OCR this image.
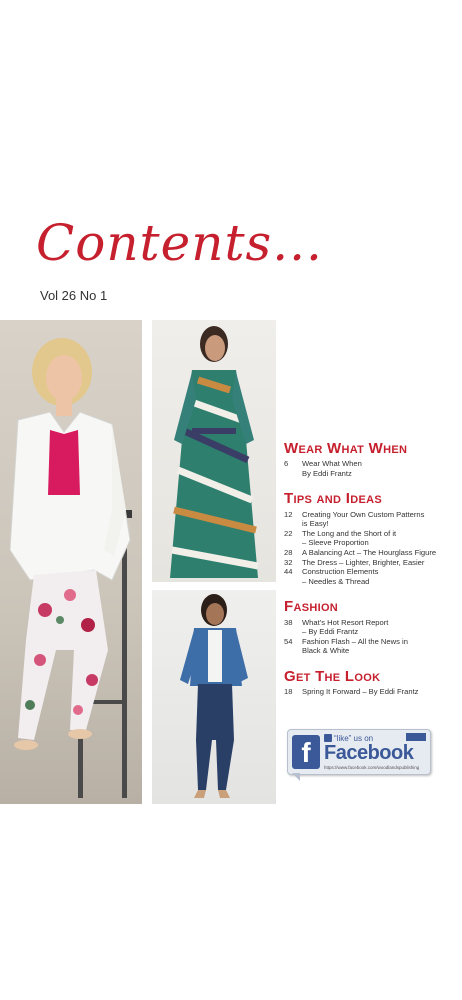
Contents...
Vol 26 No 1
Wear What When
6	Wear What When
By Eddi Frantz
Tips and Ideas
12	Creating Your Own Custom Patterns
is Easy!
22	The Long and the Short of it
– Sleeve Proportion
28	A Balancing Act – The Hourglass Figure
32	The Dress – Lighter, Brighter, Easier
44	Construction Elements
– Needles & Thread
Fashion
38	What’s Hot Resort Report
– By Eddi Frantz
54	Fashion Flash – All the News in
Black & White
Get The Look
18	Spring It Forward – By Eddi Frantz
f	“like” us on
Facebook
https://www.facebook.com/woodlandspublishing
